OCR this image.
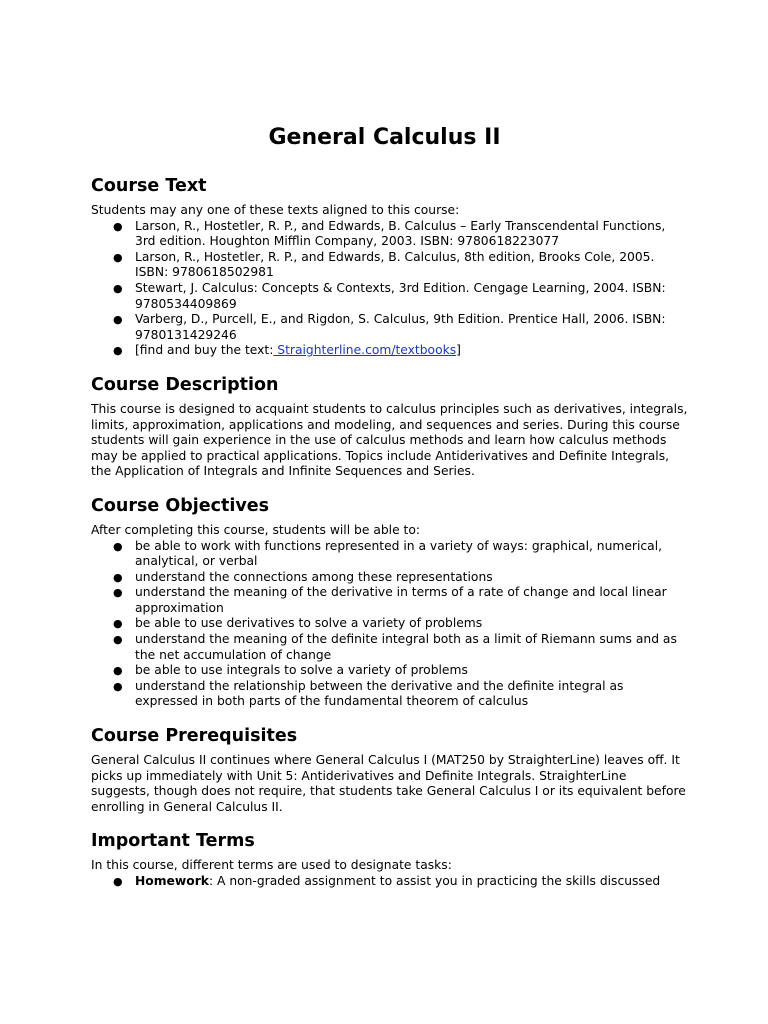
General Calculus II
Course Text

Students may any one of these texts aligned to this course:

● Larson, R., Hostetler, R. P., and Edwards, B. Calculus – Early Transcendental Functions, 3rd edition. Houghton Mifflin Company, 2003. ISBN: 9780618223077
● Larson, R., Hostetler, R. P., and Edwards, B. Calculus, 8th edition, Brooks Cole, 2005. ISBN: 9780618502981
● Stewart, J. Calculus: Concepts & Contexts, 3rd Edition. Cengage Learning, 2004. ISBN: 9780534409869
● Varberg, D., Purcell, E., and Rigdon, S. Calculus, 9th Edition. Prentice Hall, 2006. ISBN: 9780131429246
● [find and buy the text: Straighterline.com/textbooks]
Course Description

This course is designed to acquaint students to calculus principles such as derivatives, integrals, limits, approximation, applications and modeling, and sequences and series. During this course students will gain experience in the use of calculus methods and learn how calculus methods may be applied to practical applications. Topics include Antiderivatives and Definite Integrals, the Application of Integrals and Infinite Sequences and Series.

Course Objectives

After completing this course, students will be able to:

● be able to work with functions represented in a variety of ways: graphical, numerical, analytical, or verbal
● understand the connections among these representations
● understand the meaning of the derivative in terms of a rate of change and local linear approximation
● be able to use derivatives to solve a variety of problems
● understand the meaning of the definite integral both as a limit of Riemann sums and as the net accumulation of change
● be able to use integrals to solve a variety of problems
● understand the relationship between the derivative and the definite integral as expressed in both parts of the fundamental theorem of calculus
Course Prerequisites

General Calculus II continues where General Calculus I (MAT250 by StraighterLine) leaves off. It picks up immediately with Unit 5: Antiderivatives and Definite Integrals. StraighterLine suggests, though does not require, that students take General Calculus I or its equivalent before enrolling in General Calculus II.

Important Terms

In this course, different terms are used to designate tasks:

● Homework: A non-graded assignment to assist you in practicing the skills discussed
